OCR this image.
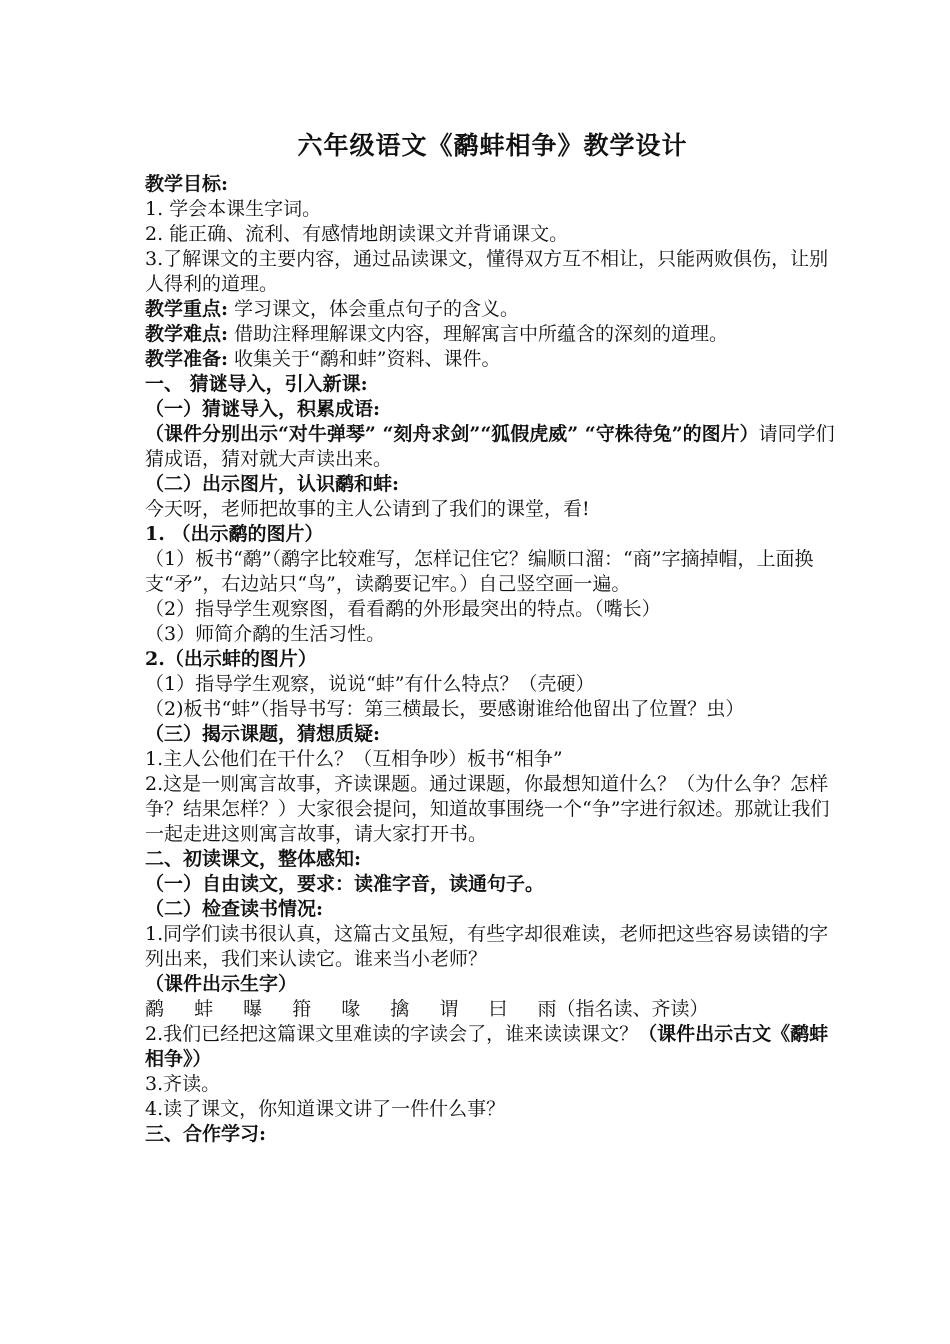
六年级语文《鹬蚌相争》教学设计

教学目标:

1. 学会本课生字词。

2. 能正确、流利、有感情地朗读课文并背诵课文。

3.了解课文的主要内容，通过品读课文，懂得双方互不相让，只能两败俱伤，让别人得利的道理。

教学重点: 学习课文，体会重点句子的含义。

教学难点: 借助注释理解课文内容，理解寓言中所蕴含的深刻的道理。

教学准备: 收集关于“鹬和蚌”资料、课件。

一、 猜谜导入，引入新课:

（一）猜谜导入，积累成语:

（课件分别出示“对牛弹琴” “刻舟求剑”“狐假虎威” “守株待兔”的图片）请同学们猜成语，猜对就大声读出来。

（二）出示图片，认识鹬和蚌:

今天呀，老师把故事的主人公请到了我们的课堂，看!

1. （出示鹬的图片）

（1）板书“鹬”（鹬字比较难写，怎样记住它？编顺口溜：“商”字摘掉帽，上面换支“矛”，右边站只“鸟”，读鹬要记牢。）自己竖空画一遍。

（2）指导学生观察图，看看鹬的外形最突出的特点。（嘴长）

（3）师简介鹬的生活习性。

2.（出示蚌的图片）

（1）指导学生观察，说说“蚌”有什么特点？（壳硬）

（2)板书“蚌”（指导书写：第三横最长，要感谢谁给他留出了位置？虫）

（三）揭示课题，猜想质疑:

1.主人公他们在干什么？（互相争吵）板书“相争”

2.这是一则寓言故事，齐读课题。通过课题，你最想知道什么？（为什么争？怎样争？结果怎样？）大家很会提问，知道故事围绕一个“争”字进行叙述。那就让我们一起走进这则寓言故事，请大家打开书。

二、初读课文，整体感知:

（一）自由读文，要求：读准字音，读通句子。

（二）检查读书情况:

1.同学们读书很认真，这篇古文虽短，有些字却很难读，老师把这些容易读错的字列出来，我们来认读它。谁来当小老师？

（课件出示生字）

鹬 蚌 曝 箝 喙 擒 谓 曰 雨（指名读、齐读）

2.我们已经把这篇课文里难读的字读会了，谁来读读课文？（课件出示古文《鹬蚌相争》）

3.齐读。

4.读了课文，你知道课文讲了一件什么事？

三、合作学习:
